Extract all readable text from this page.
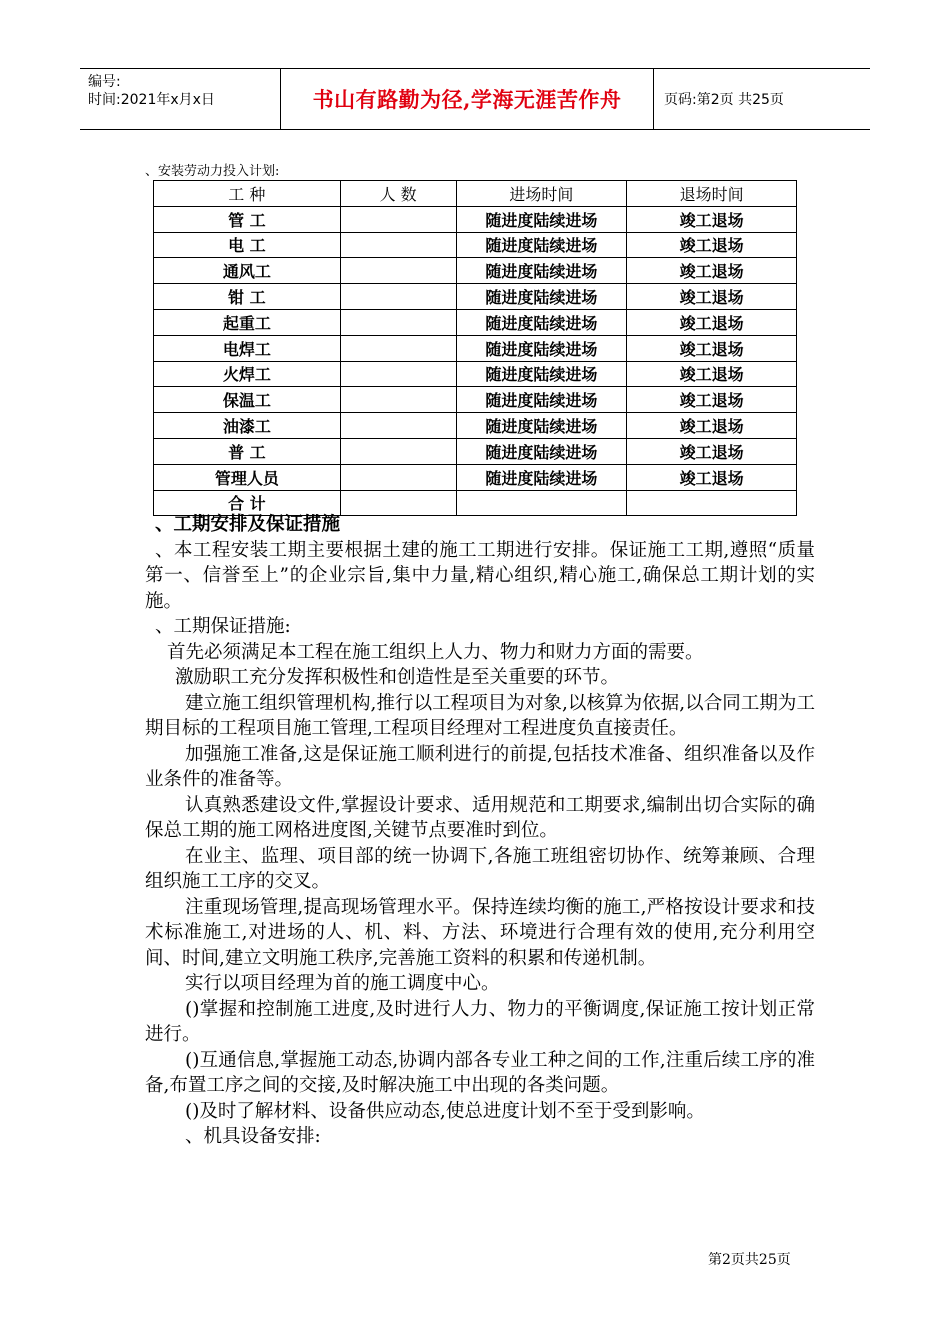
编号:
时间:2021年x月x日	书山有路勤为径,学海无涯苦作舟	页码:第2页 共25页
、安装劳动力投入计划:
工 种	人 数	进场时间	退场时间
管 工		随进度陆续进场	竣工退场
电 工		随进度陆续进场	竣工退场
通风工		随进度陆续进场	竣工退场
钳 工		随进度陆续进场	竣工退场
起重工		随进度陆续进场	竣工退场
电焊工		随进度陆续进场	竣工退场
火焊工		随进度陆续进场	竣工退场
保温工		随进度陆续进场	竣工退场
油漆工		随进度陆续进场	竣工退场
普 工		随进度陆续进场	竣工退场
管理人员		随进度陆续进场	竣工退场
合 计			

、工期安排及保证措施

、本工程安装工期主要根据土建的施工工期进行安排。保证施工工期,遵照“质量第一、信誉至上”的企业宗旨,集中力量,精心组织,精心施工,确保总工期计划的实施。

、工期保证措施:

首先必须满足本工程在施工组织上人力、物力和财力方面的需要。

激励职工充分发挥积极性和创造性是至关重要的环节。

建立施工组织管理机构,推行以工程项目为对象,以核算为依据,以合同工期为工期目标的工程项目施工管理,工程项目经理对工程进度负直接责任。

加强施工准备,这是保证施工顺利进行的前提,包括技术准备、组织准备以及作业条件的准备等。

认真熟悉建设文件,掌握设计要求、适用规范和工期要求,编制出切合实际的确保总工期的施工网格进度图,关键节点要准时到位。

在业主、监理、项目部的统一协调下,各施工班组密切协作、统筹兼顾、合理组织施工工序的交叉。

注重现场管理,提高现场管理水平。保持连续均衡的施工,严格按设计要求和技术标准施工,对进场的人、机、料、方法、环境进行合理有效的使用,充分利用空间、时间,建立文明施工秩序,完善施工资料的积累和传递机制。

实行以项目经理为首的施工调度中心。

()掌握和控制施工进度,及时进行人力、物力的平衡调度,保证施工按计划正常进行。

()互通信息,掌握施工动态,协调内部各专业工种之间的工作,注重后续工序的准备,布置工序之间的交接,及时解决施工中出现的各类问题。

()及时了解材料、设备供应动态,使总进度计划不至于受到影响。

、机具设备安排:

第2页共25页
